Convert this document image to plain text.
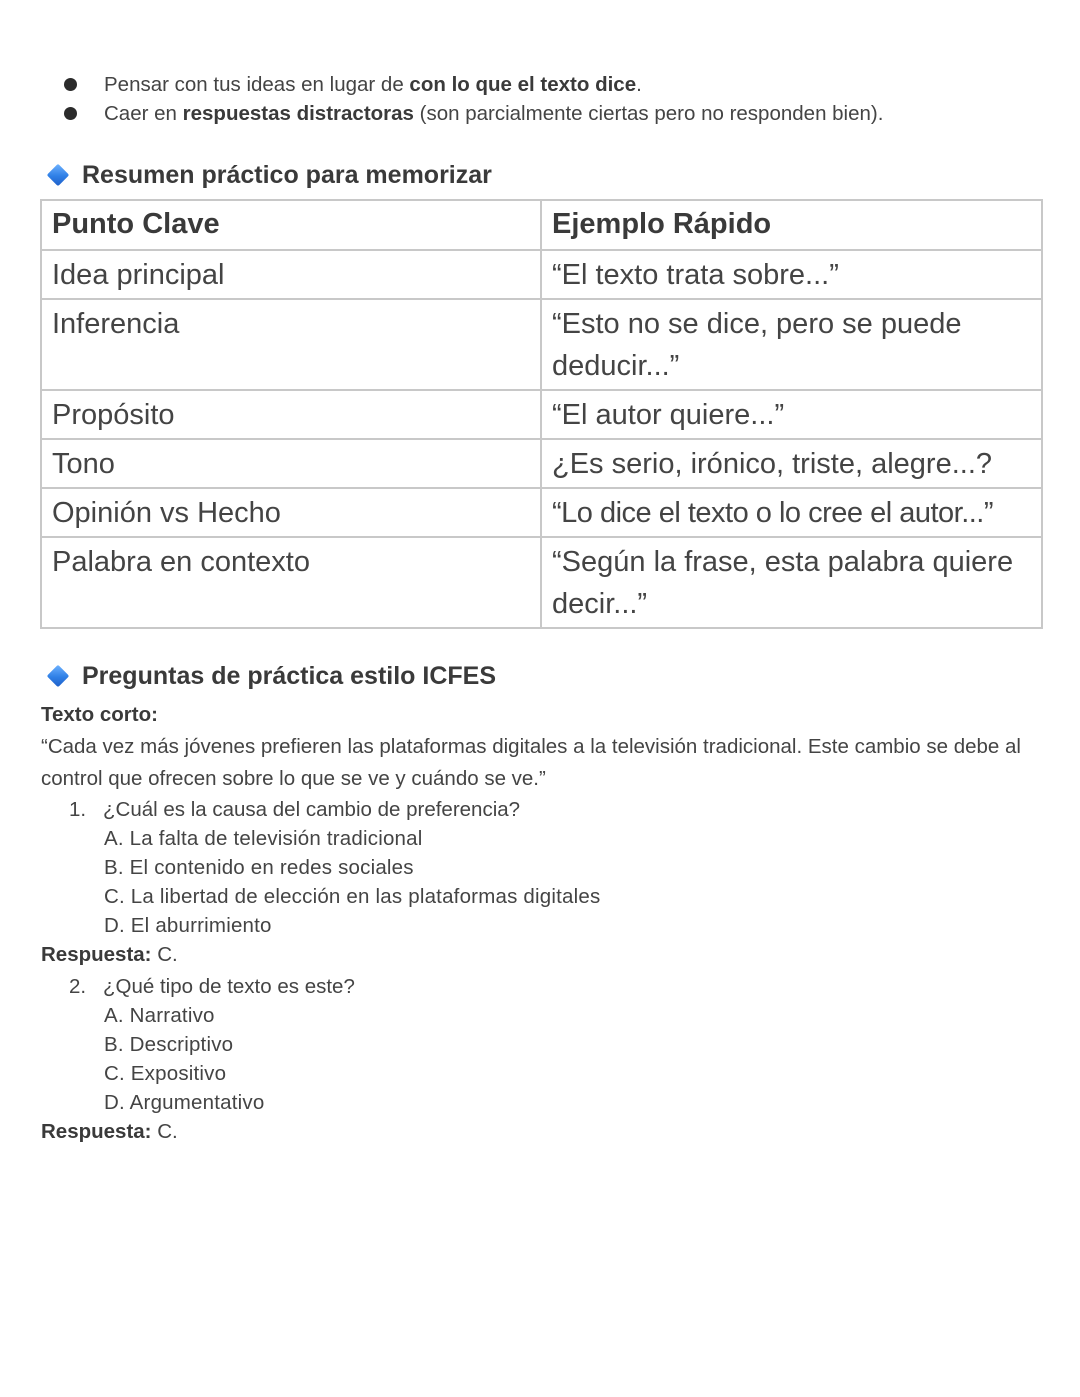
Pensar con tus ideas en lugar de con lo que el texto dice.
Caer en respuestas distractoras (son parcialmente ciertas pero no responden bien).
Resumen práctico para memorizar
Punto Clave	Ejemplo Rápido
Idea principal	“El texto trata sobre...”
Inferencia	“Esto no se dice, pero se puede deducir...”
Propósito	“El autor quiere...”
Tono	¿Es serio, irónico, triste, alegre...?
Opinión vs Hecho	“Lo dice el texto o lo cree el autor...”
Palabra en contexto	“Según la frase, esta palabra quiere decir...”
Preguntas de práctica estilo ICFES
Texto corto:
“Cada vez más jóvenes prefieren las plataformas digitales a la televisión tradicional. Este cambio se debe al control que ofrecen sobre lo que se ve y cuándo se ve.”
1. ¿Cuál es la causa del cambio de preferencia?
A. La falta de televisión tradicional
B. El contenido en redes sociales
C. La libertad de elección en las plataformas digitales
D. El aburrimiento
Respuesta: C.
2. ¿Qué tipo de texto es este?
A. Narrativo
B. Descriptivo
C. Expositivo
D. Argumentativo
Respuesta: C.
